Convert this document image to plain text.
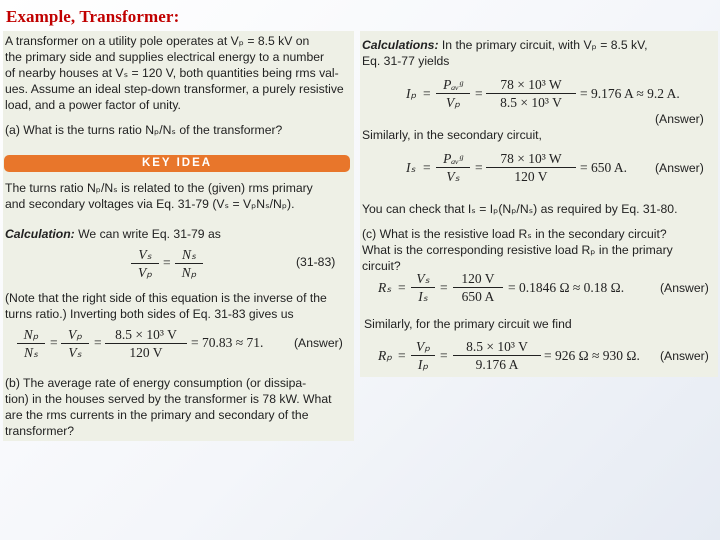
Example, Transformer:

A transformer on a utility pole operates at Vₚ = 8.5 kV on

the primary side and supplies electrical energy to a number

of nearby houses at Vₛ = 120 V, both quantities being rms val-

ues. Assume an ideal step-down transformer, a purely resistive

load, and a power factor of unity.

(a) What is the turns ratio Nₚ/Nₛ of the transformer?

KEY IDEA

The turns ratio Nₚ/Nₛ is related to the (given) rms primary

and secondary voltages via Eq. 31-79 (Vₛ = VₚNₛ/Nₚ).

Calculation: We can write Eq. 31-79 as

$\frac{\text{Vₛ}}{\text{Vₚ}} = \frac{\text{Nₛ}}{\text{Nₚ}}$	(31-83)

(Note that the right side of this equation is the inverse of the

turns ratio.) Inverting both sides of Eq. 31-83 gives us

$\frac{\text{Nₚ}}{\text{Nₛ}} = \frac{\text{Vₚ}}{\text{Vₛ}} = \frac{\text{8.5 × 10³ V}}{120 V} = 70.83 \approx 71$.	(Answer)

(b) The average rate of energy consumption (or dissipa-

tion) in the houses served by the transformer is 78 kW. What

are the rms currents in the primary and secondary of the

transformer?

Calculations: In the primary circuit, with Vₚ = 8.5 kV,

Eq. 31-77 yields

Iₚ =
Pₐᵥᵍ
Vₚ
= $\frac{\text{78 × 10³ W}}{\text{8.5 × 10³ V}} = 9.176$ A ≈ 9.2 A.
(Answer)

Similarly, in the secondary circuit,

Iₛ =
Pₐᵥᵍ
Vₛ
= $\frac{\text{78 × 10³ W}}{120 V} = 650$ A. (Answer)

You can check that Iₛ = Iₚ(Nₚ/Nₛ) as required by Eq. 31-80.

(c) What is the resistive load Rₛ in the secondary circuit?

What is the corresponding resistive load Rₚ in the primary

circuit?

$R_s = \frac{\text{Vₛ}}{\text{Iₛ}} = \frac{120 V}{650 A} = 0.1846$ Ω ≈ 0.18 Ω.	(Answer)

Similarly, for the primary circuit we find

$R_p = \frac{\text{Vₚ}}{\text{Iₚ}} = \frac{\text{8.5 × 10³ V}}{9.176 A} = 926$ Ω ≈ 930 Ω. (Answer)
